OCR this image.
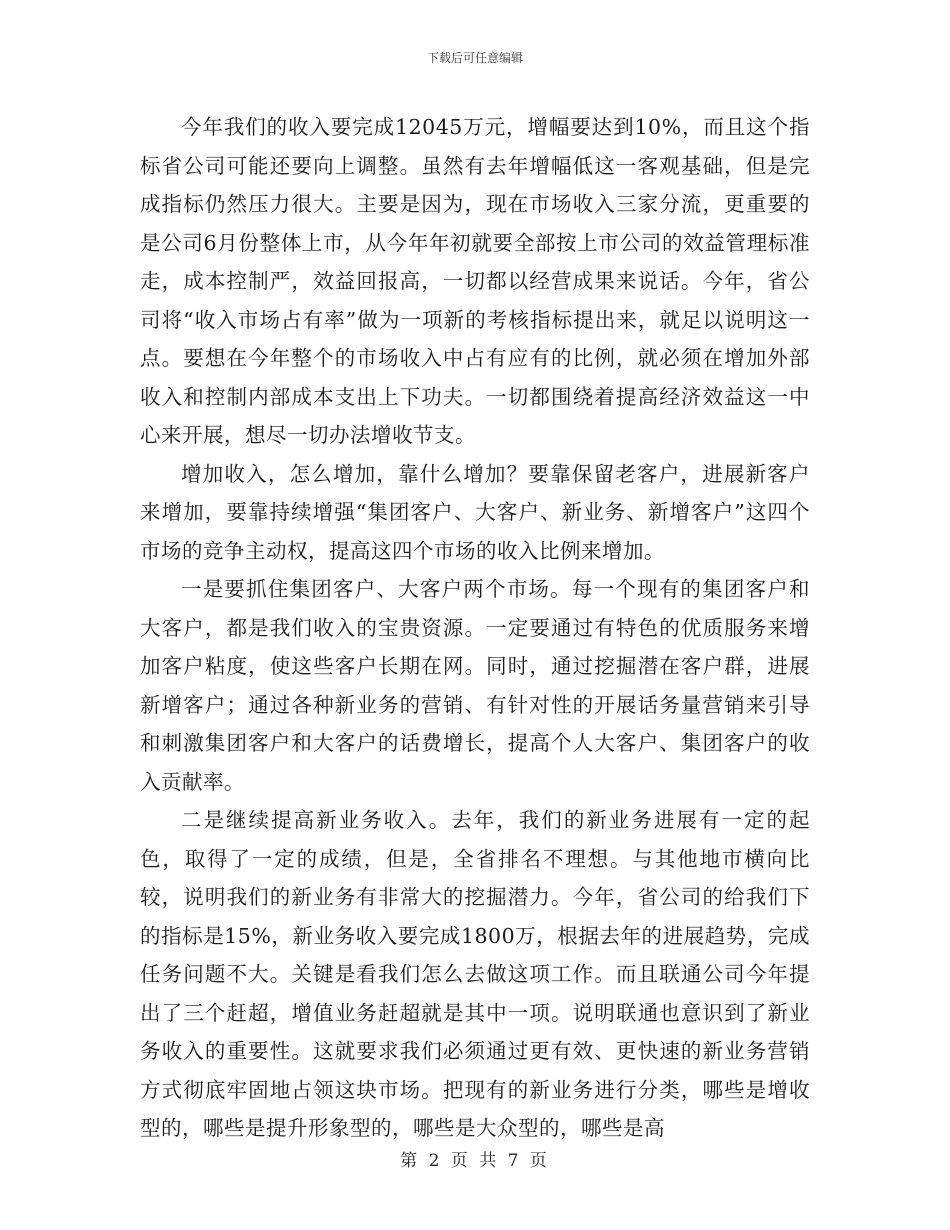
下载后可任意编辑

今年我们的收入要完成12045万元，增幅要达到10%，而且这个指标省公司可能还要向上调整。虽然有去年增幅低这一客观基础，但是完成指标仍然压力很大。主要是因为，现在市场收入三家分流，更重要的是公司6月份整体上市，从今年年初就要全部按上市公司的效益管理标准走，成本控制严，效益回报高，一切都以经营成果来说话。今年，省公司将“收入市场占有率”做为一项新的考核指标提出来，就足以说明这一点。要想在今年整个的市场收入中占有应有的比例，就必须在增加外部收入和控制内部成本支出上下功夫。一切都围绕着提高经济效益这一中心来开展，想尽一切办法增收节支。

增加收入，怎么增加，靠什么增加？要靠保留老客户，进展新客户来增加，要靠持续增强“集团客户、大客户、新业务、新增客户”这四个市场的竞争主动权，提高这四个市场的收入比例来增加。

一是要抓住集团客户、大客户两个市场。每一个现有的集团客户和大客户，都是我们收入的宝贵资源。一定要通过有特色的优质服务来增加客户粘度，使这些客户长期在网。同时，通过挖掘潜在客户群，进展新增客户；通过各种新业务的营销、有针对性的开展话务量营销来引导和刺激集团客户和大客户的话费增长，提高个人大客户、集团客户的收入贡献率。

二是继续提高新业务收入。去年，我们的新业务进展有一定的起色，取得了一定的成绩，但是，全省排名不理想。与其他地市横向比较，说明我们的新业务有非常大的挖掘潜力。今年，省公司的给我们下的指标是15%，新业务收入要完成1800万，根据去年的进展趋势，完成任务问题不大。关键是看我们怎么去做这项工作。而且联通公司今年提出了三个赶超，增值业务赶超就是其中一项。说明联通也意识到了新业务收入的重要性。这就要求我们必须通过更有效、更快速的新业务营销方式彻底牢固地占领这块市场。把现有的新业务进行分类，哪些是增收型的，哪些是提升形象型的，哪些是大众型的，哪些是高

第 2 页 共 7 页
